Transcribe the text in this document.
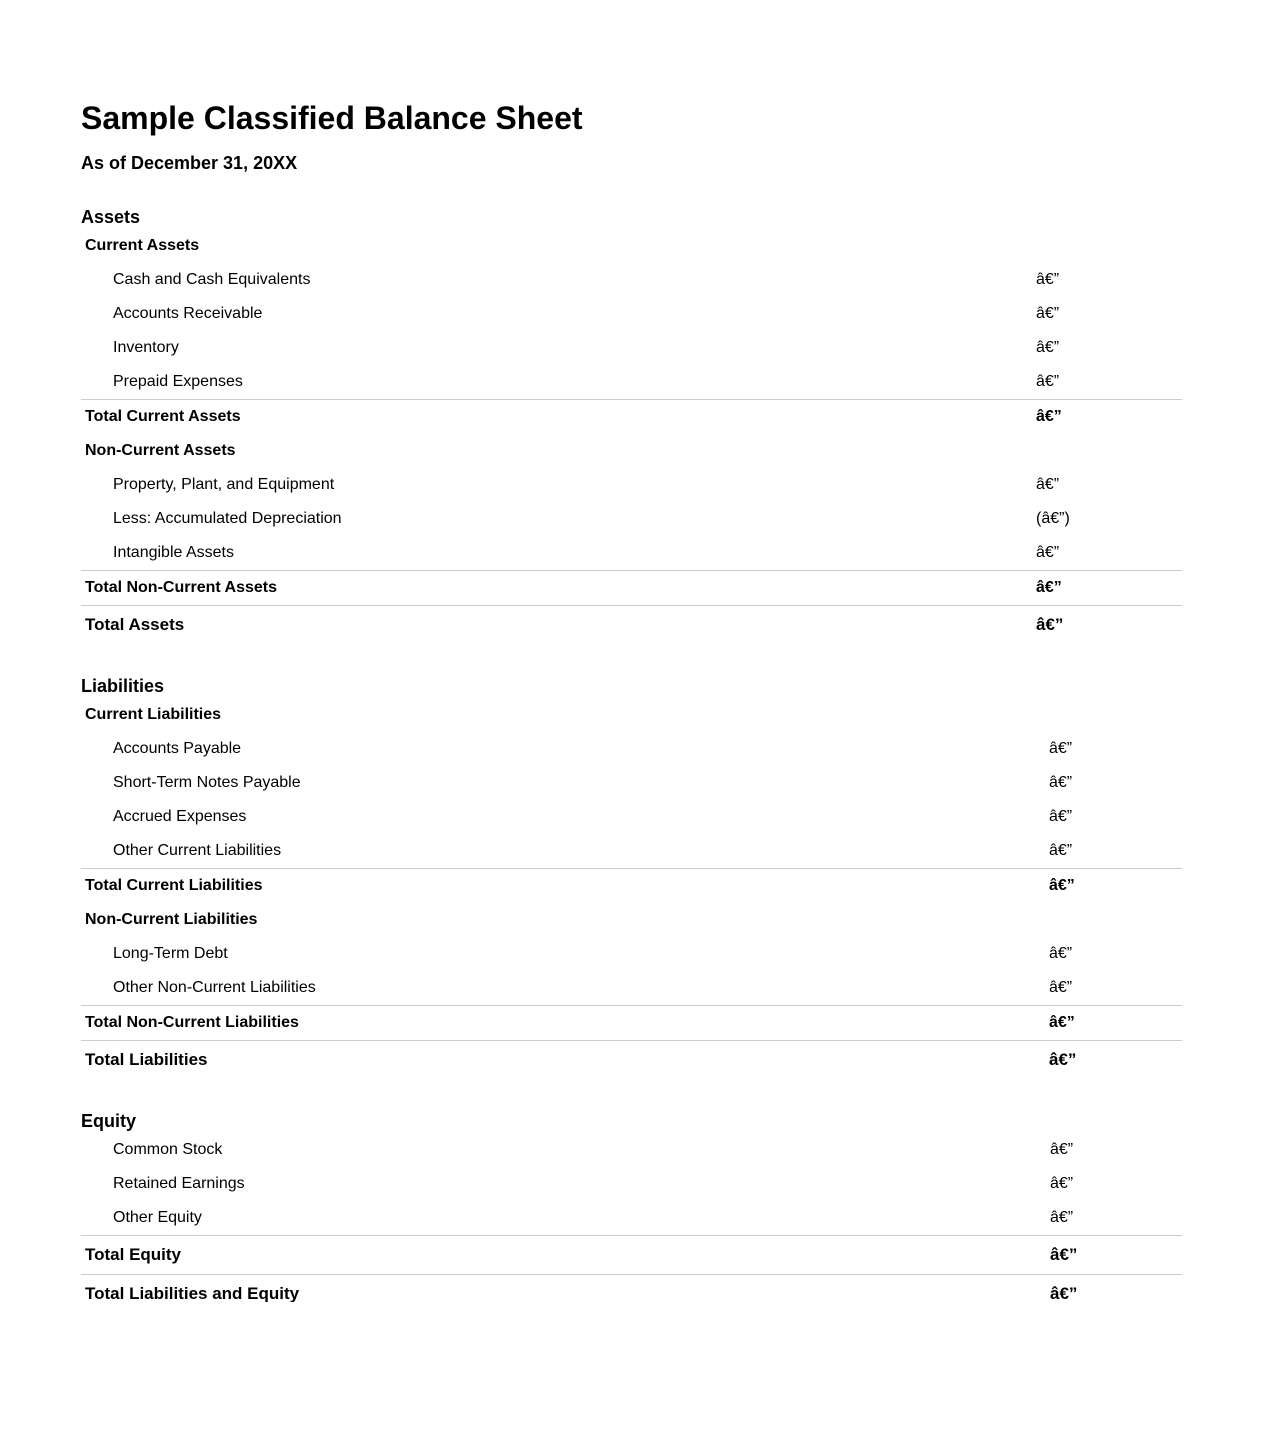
Sample Classified Balance Sheet
As of December 31, 20XX
Assets
Current Assets	
Cash and Cash Equivalents	â€”
Accounts Receivable	â€”
Inventory	â€”
Prepaid Expenses	â€”
Total Current Assets	â€”
Non-Current Assets	
Property, Plant, and Equipment	â€”
Less: Accumulated Depreciation	(â€”)
Intangible Assets	â€”
Total Non-Current Assets	â€”
Total Assets	â€”
Liabilities
Current Liabilities	
Accounts Payable	â€”
Short-Term Notes Payable	â€”
Accrued Expenses	â€”
Other Current Liabilities	â€”
Total Current Liabilities	â€”
Non-Current Liabilities	
Long-Term Debt	â€”
Other Non-Current Liabilities	â€”
Total Non-Current Liabilities	â€”
Total Liabilities	â€”
Equity
Common Stock	â€”
Retained Earnings	â€”
Other Equity	â€”
Total Equity	â€”
Total Liabilities and Equity	â€”
